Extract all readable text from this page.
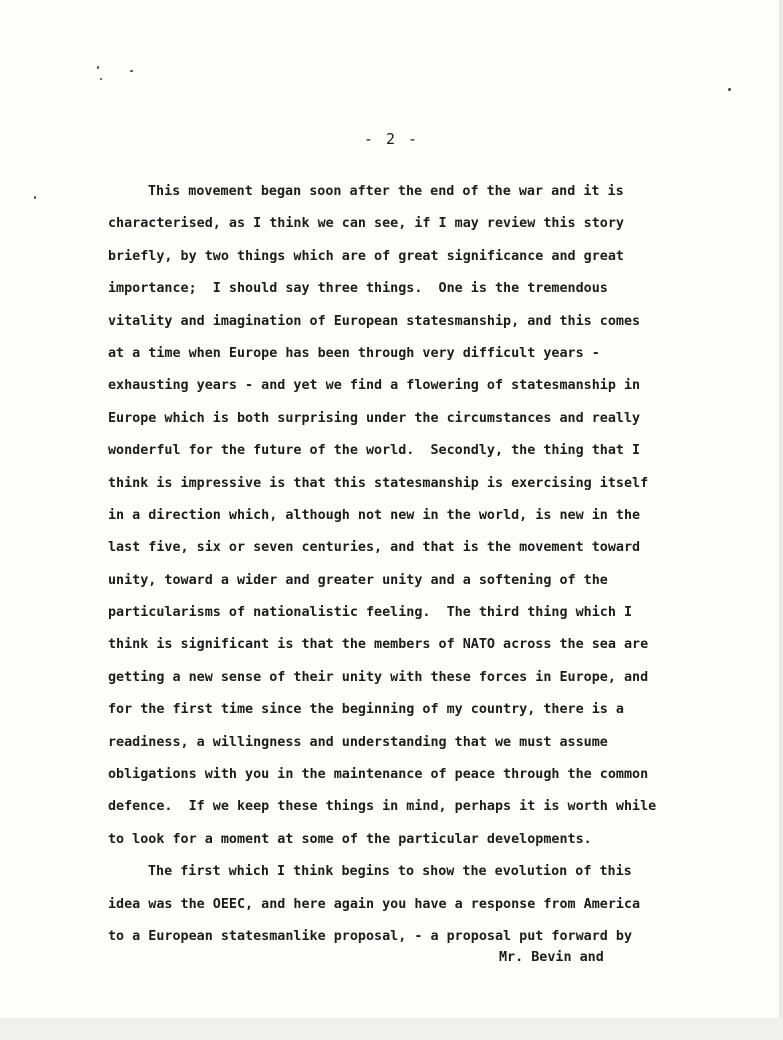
- 2 -
This movement began soon after the end of the war and it is
characterised, as I think we can see, if I may review this story
briefly, by two things which are of great significance and great
importance;  I should say three things.  One is the tremendous
vitality and imagination of European statesmanship, and this comes
at a time when Europe has been through very difficult years -
exhausting years - and yet we find a flowering of statesmanship in
Europe which is both surprising under the circumstances and really
wonderful for the future of the world.  Secondly, the thing that I
think is impressive is that this statesmanship is exercising itself
in a direction which, although not new in the world, is new in the
last five, six or seven centuries, and that is the movement toward
unity, toward a wider and greater unity and a softening of the
particularisms of nationalistic feeling.  The third thing which I
think is significant is that the members of NATO across the sea are
getting a new sense of their unity with these forces in Europe, and
for the first time since the beginning of my country, there is a
readiness, a willingness and understanding that we must assume
obligations with you in the maintenance of peace through the common
defence.  If we keep these things in mind, perhaps it is worth while
to look for a moment at some of the particular developments.
The first which I think begins to show the evolution of this
idea was the OEEC, and here again you have a response from America
to a European statesmanlike proposal, - a proposal put forward by
Mr. Bevin and
